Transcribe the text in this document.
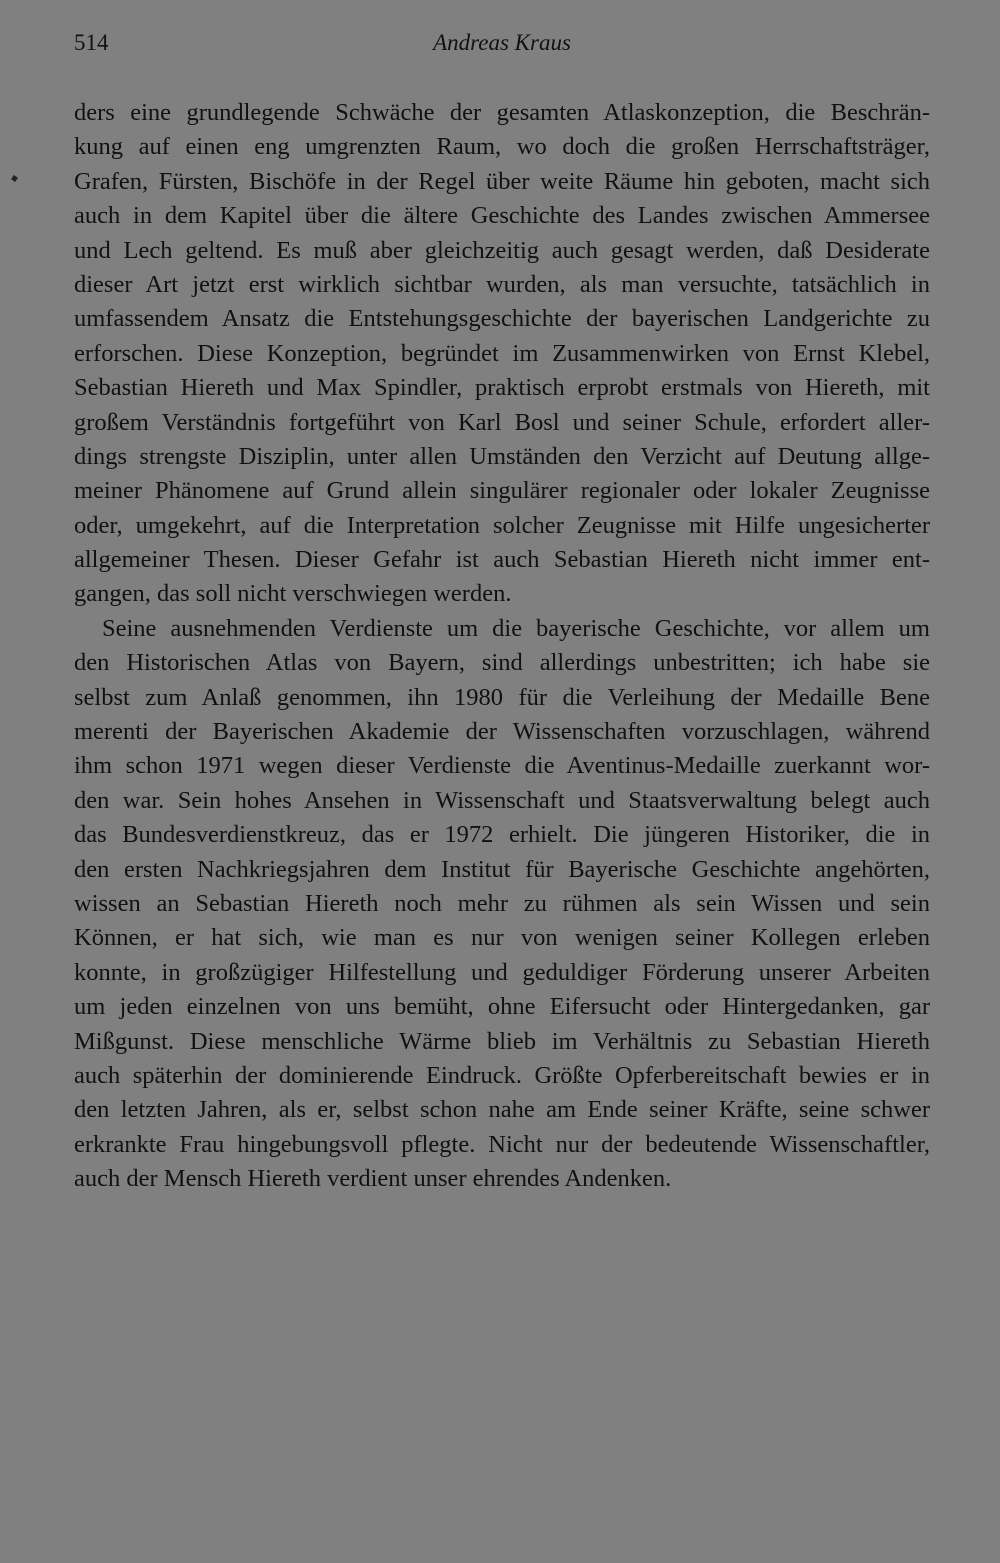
514	Andreas Kraus
ders eine grundlegende Schwäche der gesamten Atlaskonzeption, die Beschrän-
kung auf einen eng umgrenzten Raum, wo doch die großen Herrschaftsträger,
Grafen, Fürsten, Bischöfe in der Regel über weite Räume hin geboten, macht sich
auch in dem Kapitel über die ältere Geschichte des Landes zwischen Ammersee
und Lech geltend. Es muß aber gleichzeitig auch gesagt werden, daß Desiderate
dieser Art jetzt erst wirklich sichtbar wurden, als man versuchte, tatsächlich in
umfassendem Ansatz die Entstehungsgeschichte der bayerischen Landgerichte zu
erforschen. Diese Konzeption, begründet im Zusammenwirken von Ernst Klebel,
Sebastian Hiereth und Max Spindler, praktisch erprobt erstmals von Hiereth, mit
großem Verständnis fortgeführt von Karl Bosl und seiner Schule, erfordert aller-
dings strengste Disziplin, unter allen Umständen den Verzicht auf Deutung allge-
meiner Phänomene auf Grund allein singulärer regionaler oder lokaler Zeugnisse
oder, umgekehrt, auf die Interpretation solcher Zeugnisse mit Hilfe ungesicherter
allgemeiner Thesen. Dieser Gefahr ist auch Sebastian Hiereth nicht immer ent-
gangen, das soll nicht verschwiegen werden.
Seine ausnehmenden Verdienste um die bayerische Geschichte, vor allem um
den Historischen Atlas von Bayern, sind allerdings unbestritten; ich habe sie
selbst zum Anlaß genommen, ihn 1980 für die Verleihung der Medaille Bene
merenti der Bayerischen Akademie der Wissenschaften vorzuschlagen, während
ihm schon 1971 wegen dieser Verdienste die Aventinus-Medaille zuerkannt wor-
den war. Sein hohes Ansehen in Wissenschaft und Staatsverwaltung belegt auch
das Bundesverdienstkreuz, das er 1972 erhielt. Die jüngeren Historiker, die in
den ersten Nachkriegsjahren dem Institut für Bayerische Geschichte angehörten,
wissen an Sebastian Hiereth noch mehr zu rühmen als sein Wissen und sein
Können, er hat sich, wie man es nur von wenigen seiner Kollegen erleben
konnte, in großzügiger Hilfestellung und geduldiger Förderung unserer Arbeiten
um jeden einzelnen von uns bemüht, ohne Eifersucht oder Hintergedanken, gar
Mißgunst. Diese menschliche Wärme blieb im Verhältnis zu Sebastian Hiereth
auch späterhin der dominierende Eindruck. Größte Opferbereitschaft bewies er in
den letzten Jahren, als er, selbst schon nahe am Ende seiner Kräfte, seine schwer
erkrankte Frau hingebungsvoll pflegte. Nicht nur der bedeutende Wissenschaftler,
auch der Mensch Hiereth verdient unser ehrendes Andenken.
